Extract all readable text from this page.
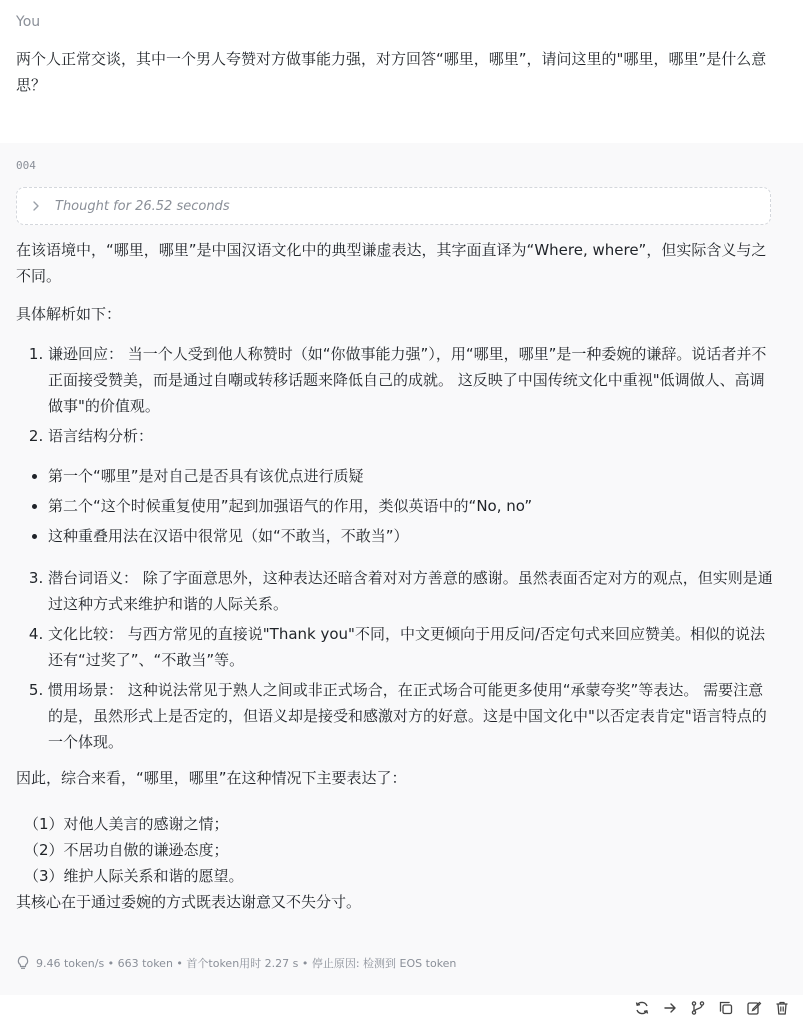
You
两个人正常交谈，其中一个男人夸赞对方做事能力强，对方回答“哪里，哪里”，请问这里的"哪里，哪里”是什么意思？
004
Thought for 26.52 seconds

在该语境中，“哪里，哪里”是中国汉语文化中的典型谦虚表达，其字面直译为“Where, where”，但实际含义与之不同。

具体解析如下：

1. 谦逊回应： 当一个人受到他人称赞时（如“你做事能力强”），用“哪里，哪里”是一种委婉的谦辞。说话者并不正面接受赞美，而是通过自嘲或转移话题来降低自己的成就。 这反映了中国传统文化中重视"低调做人、高调做事"的价值观。
2. 语言结构分析：
• 第一个“哪里”是对自己是否具有该优点进行质疑
• 第二个“这个时候重复使用”起到加强语气的作用，类似英语中的“No, no”
• 这种重叠用法在汉语中很常见（如“不敢当，不敢当”）
3. 潜台词语义： 除了字面意思外，这种表达还暗含着对对方善意的感谢。虽然表面否定对方的观点，但实则是通过这种方式来维护和谐的人际关系。
4. 文化比较： 与西方常见的直接说"Thank you"不同，中文更倾向于用反问/否定句式来回应赞美。相似的说法还有“过奖了”、“不敢当”等。
5. 惯用场景： 这种说法常见于熟人之间或非正式场合，在正式场合可能更多使用“承蒙夸奖”等表达。 需要注意的是，虽然形式上是否定的，但语义却是接受和感激对方的好意。这是中国文化中"以否定表肯定"语言特点的一个体现。

因此，综合来看，“哪里，哪里”在这种情况下主要表达了：

（1）对他人美言的感谢之情；
（2）不居功自傲的谦逊态度；
（3）维护人际关系和谐的愿望。

其核心在于通过委婉的方式既表达谢意又不失分寸。

9.46 token/s • 663 token • 首个token用时 2.27 s • 停止原因: 检测到 EOS token
